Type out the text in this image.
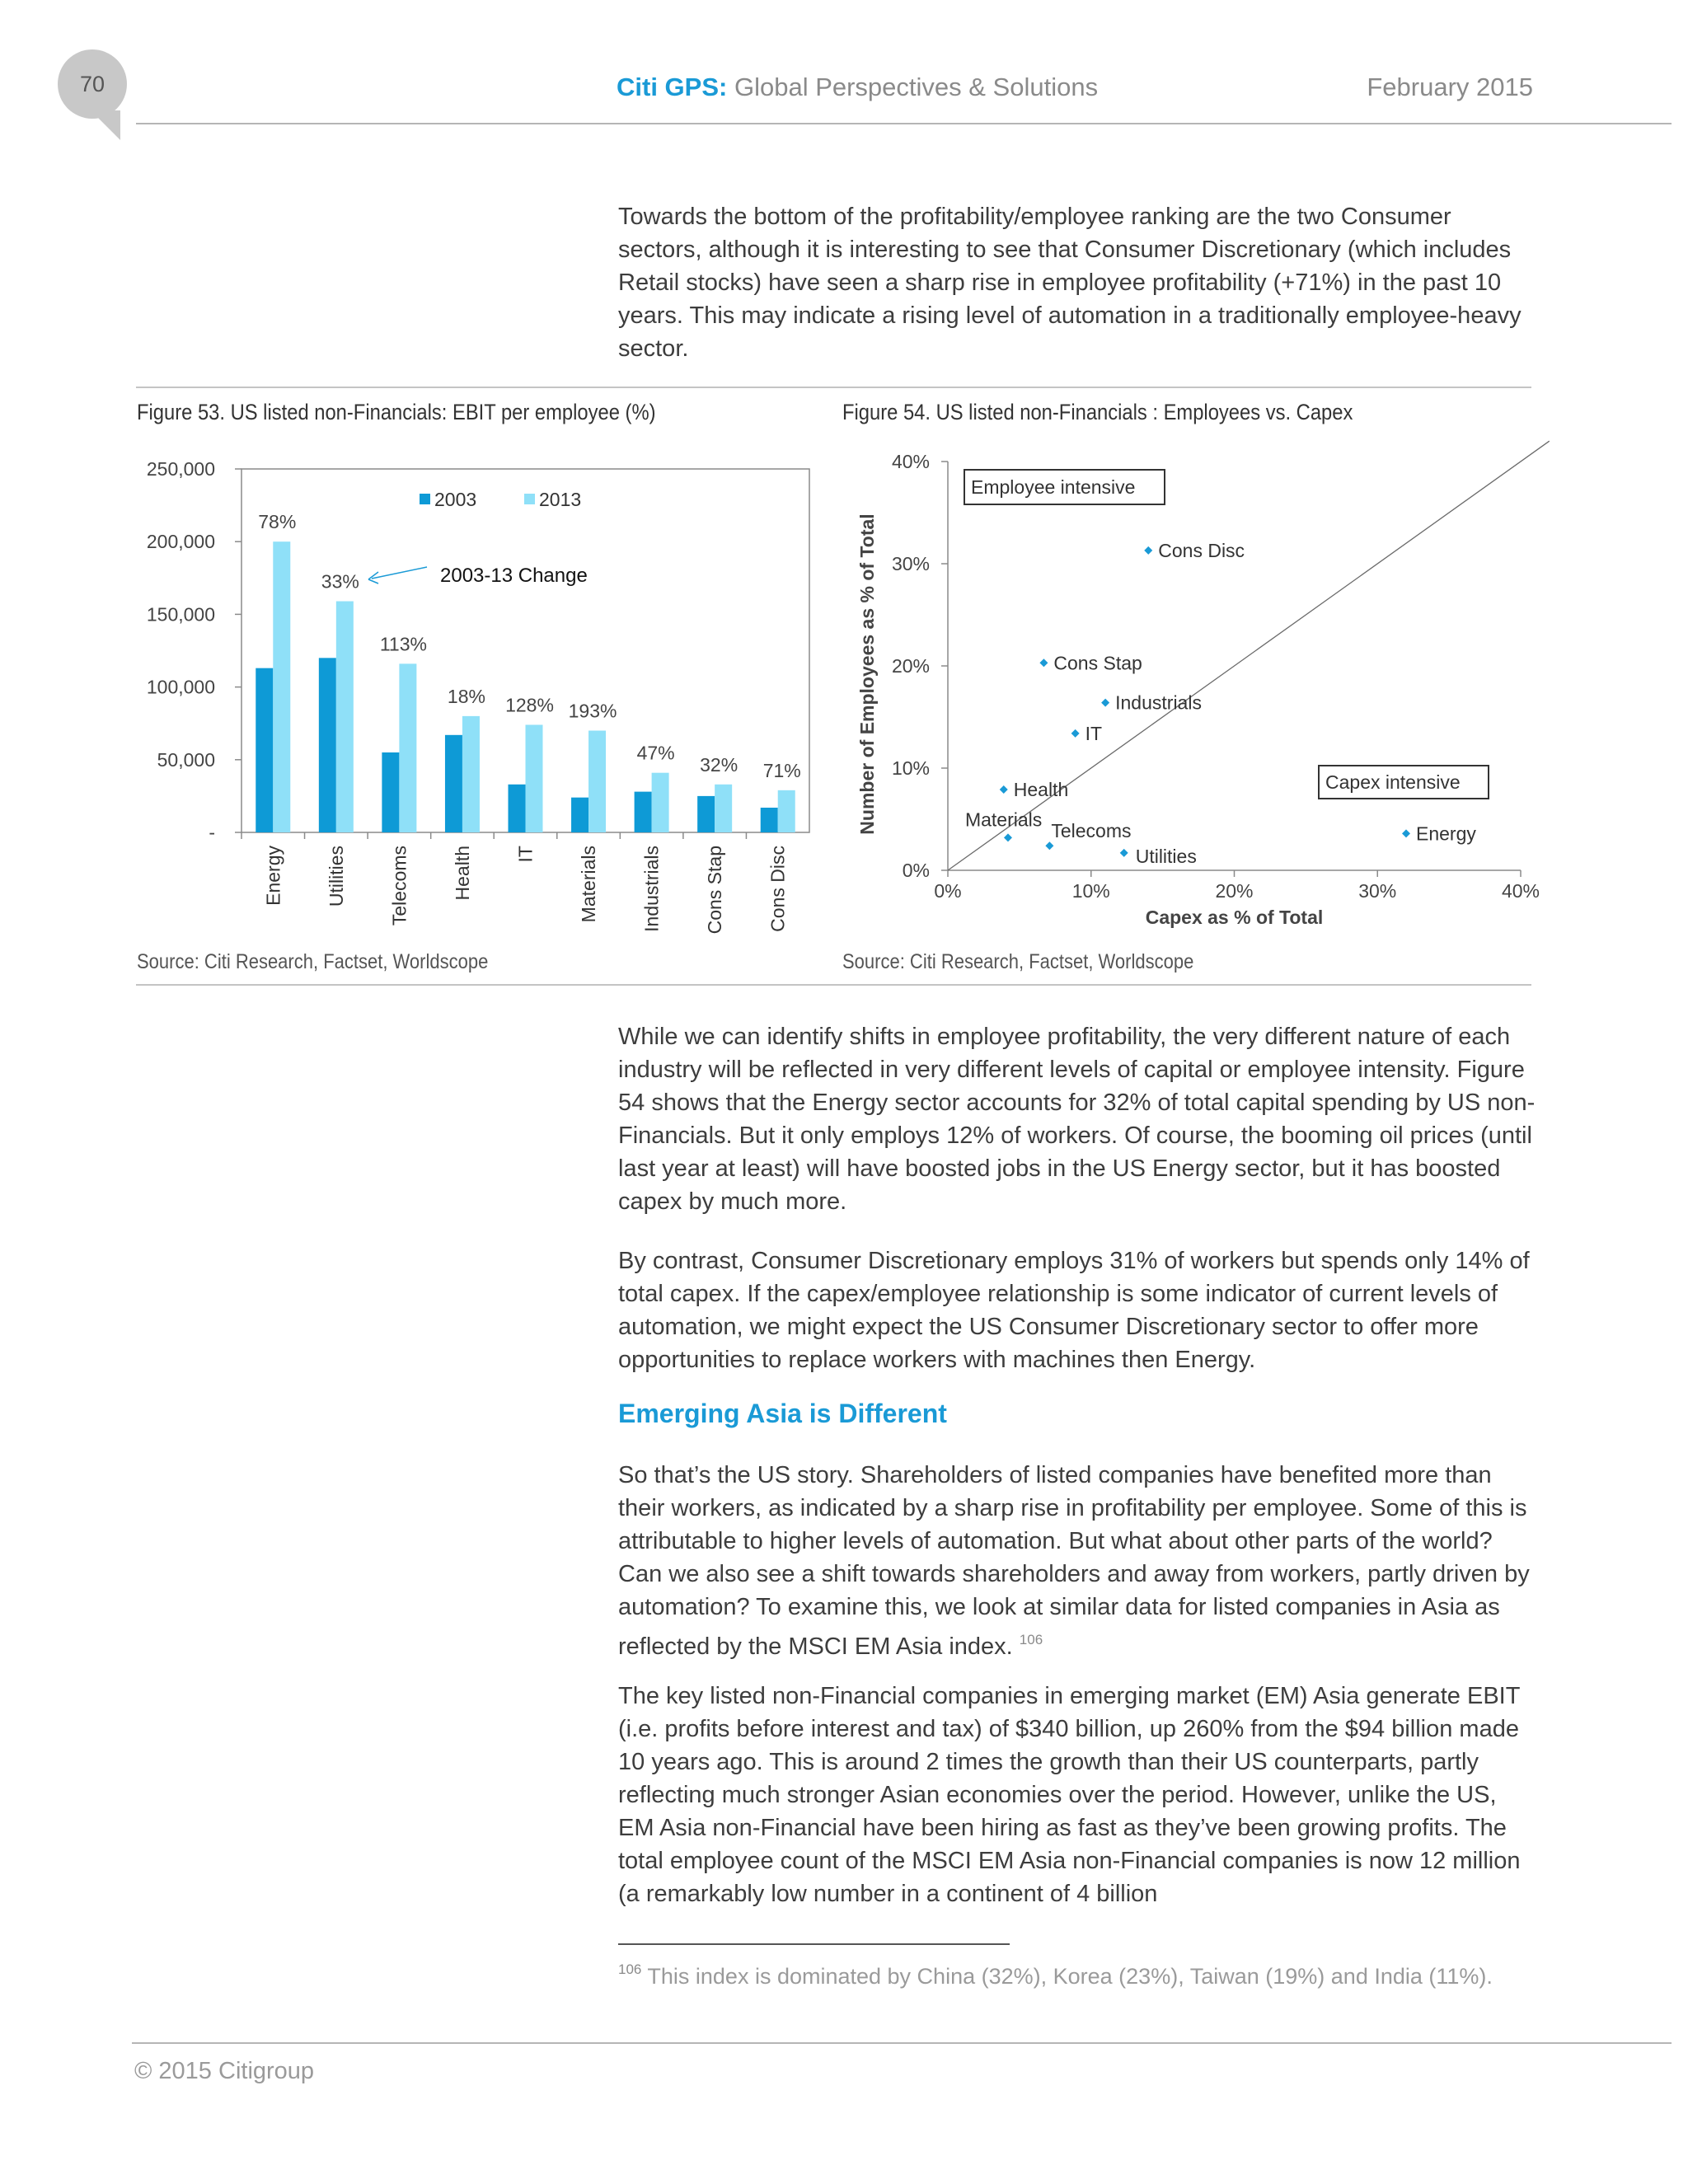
70	Citi GPS: Global Perspectives & Solutions	February 2015

Towards the bottom of the profitability/employee ranking are the two Consumer sectors, although it is interesting to see that Consumer Discretionary (which includes Retail stocks) have seen a sharp rise in employee profitability (+71%) in the past 10 years. This may indicate a rising level of automation in a traditionally employee-heavy sector.

Figure 53. US listed non-Financials: EBIT per employee (%)
-
50,000
100,000
150,000
200,000
250,000
78%
Energy
33%
Utilities
113%
Telecoms
18%
Health
128%
IT
193%
Materials
47%
Industrials
32%
Cons Stap
71%
Cons Disc
2003	2013
2003-13 Change
Source: Citi Research, Factset, Worldscope
Figure 54. US listed non-Financials : Employees vs. Capex
0%	10%	20%	30%	40%
0%
10%
20%
30%
40%
Capex as % of Total
Number of Employees as % of Total
Employee intensive
Capex intensive
Cons Disc
Cons Stap
Industrials
IT
Health
Materials
Telecoms
Utilities
Energy
Source: Citi Research, Factset, Worldscope

While we can identify shifts in employee profitability, the very different nature of each industry will be reflected in very different levels of capital or employee intensity. Figure 54 shows that the Energy sector accounts for 32% of total capital spending by US non-Financials. But it only employs 12% of workers. Of course, the booming oil prices (until last year at least) will have boosted jobs in the US Energy sector, but it has boosted capex by much more.

By contrast, Consumer Discretionary employs 31% of workers but spends only 14% of total capex. If the capex/employee relationship is some indicator of current levels of automation, we might expect the US Consumer Discretionary sector to offer more opportunities to replace workers with machines then Energy.

Emerging Asia is Different

So that’s the US story. Shareholders of listed companies have benefited more than their workers, as indicated by a sharp rise in profitability per employee. Some of this is attributable to higher levels of automation. But what about other parts of the world? Can we also see a shift towards shareholders and away from workers, partly driven by automation? To examine this, we look at similar data for listed companies in Asia as reflected by the MSCI EM Asia index. $^{106}$

The key listed non-Financial companies in emerging market (EM) Asia generate EBIT (i.e. profits before interest and tax) of $340 billion, up 260% from the $94 billion made 10 years ago. This is around 2 times the growth than their US counterparts, partly reflecting much stronger Asian economies over the period. However, unlike the US, EM Asia non-Financial have been hiring as fast as they’ve been growing profits. The total employee count of the MSCI EM Asia non-Financial companies is now 12 million (a remarkably low number in a continent of 4 billion

$^{106}$ This index is dominated by China (32%), Korea (23%), Taiwan (19%) and India (11%).

© 2015 Citigroup
